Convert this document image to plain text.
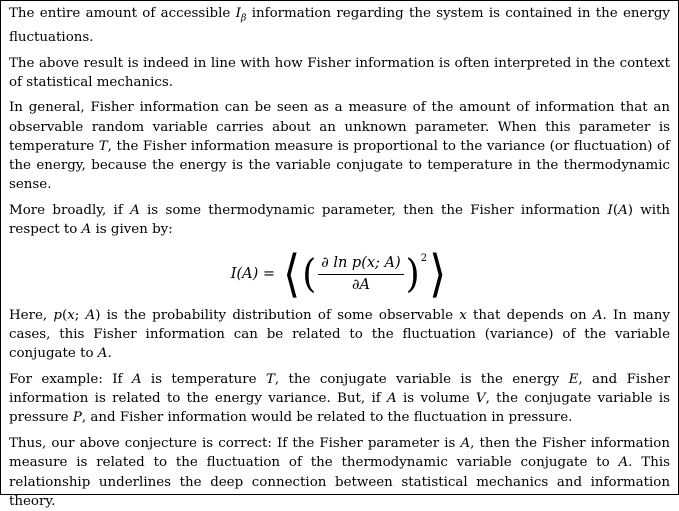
The entire amount of accessible $I_\beta$ information regarding the system is contained in the energy fluctuations.

The above result is indeed in line with how Fisher information is often interpreted in the context of statistical mechanics.

In general, Fisher information can be seen as a measure of the amount of information that an observable random variable carries about an unknown parameter. When this parameter is temperature T, the Fisher information measure is proportional to the variance (or fluctuation) of the energy, because the energy is the variable conjugate to temperature in the thermodynamic sense.

More broadly, if A is some thermodynamic parameter, then the Fisher information I(A) with respect to A is given by:

I(A) = ⟨ ( $\frac{\text{∂ ln p(x; A)}}{\partial A}$ ) 2 ⟩

Here, p(x; A) is the probability distribution of some observable x that depends on A. In many cases, this Fisher information can be related to the fluctuation (variance) of the variable conjugate to A.

For example: If A is temperature T, the conjugate variable is the energy E, and Fisher information is related to the energy variance. But, if A is volume V, the conjugate variable is pressure P, and Fisher information would be related to the fluctuation in pressure.

Thus, our above conjecture is correct: If the Fisher parameter is A, then the Fisher information measure is related to the fluctuation of the thermodynamic variable conjugate to A. This relationship underlines the deep connection between statistical mechanics and information theory.
